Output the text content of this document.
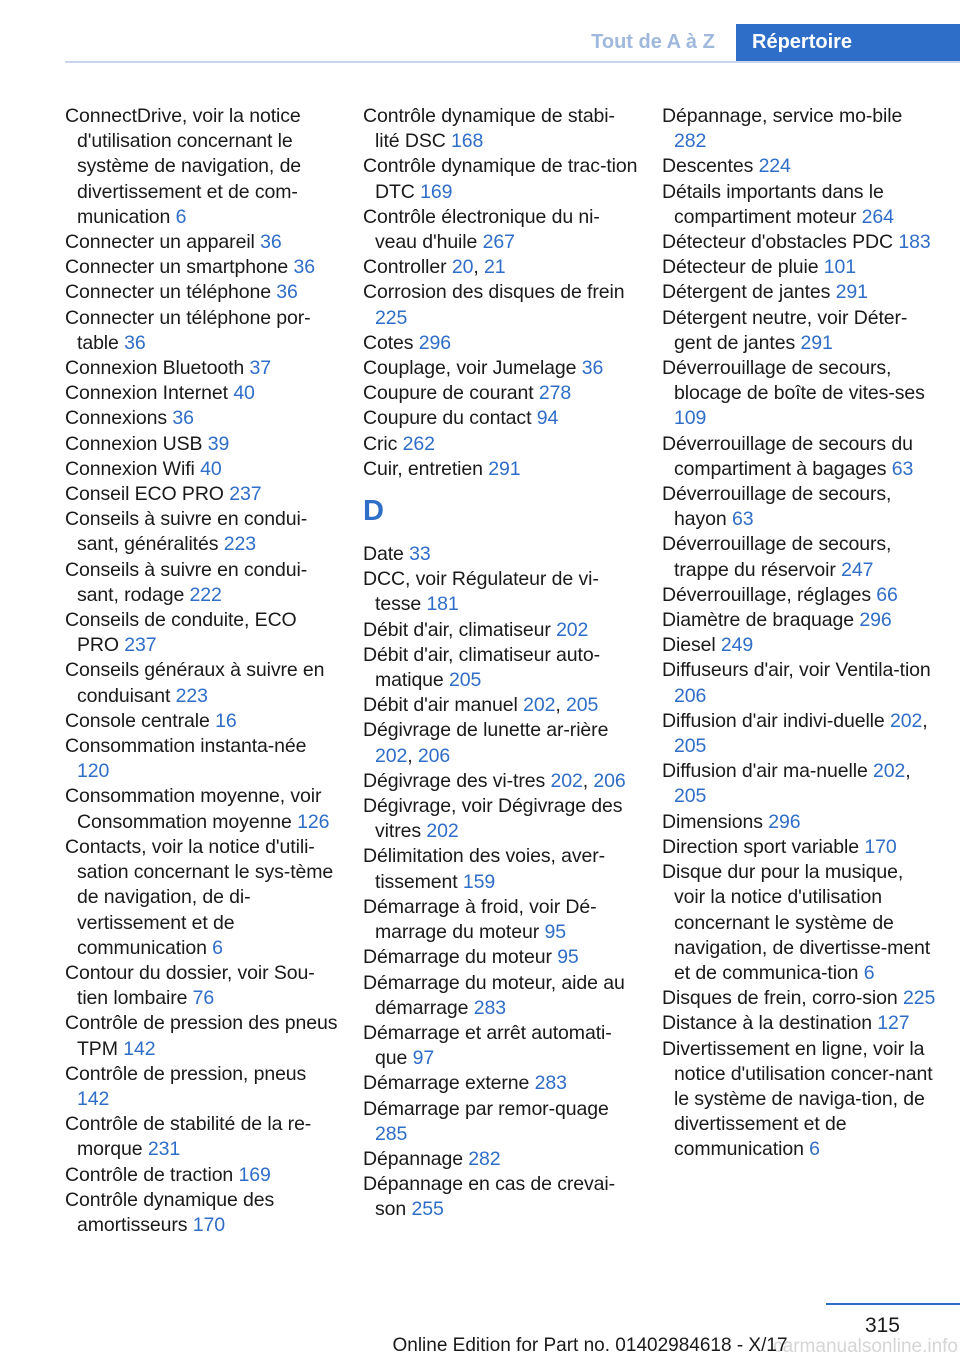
Tout de A à Z	Répertoire
ConnectDrive, voir la notice d'utilisation concernant le système de navigation, de divertissement et de com-munication 6
Connecter un appareil 36
Connecter un smartphone 36
Connecter un téléphone 36
Connecter un téléphone por-table 36
Connexion Bluetooth 37
Connexion Internet 40
Connexions 36
Connexion USB 39
Connexion Wifi 40
Conseil ECO PRO 237
Conseils à suivre en condui-sant, généralités 223
Conseils à suivre en condui-sant, rodage 222
Conseils de conduite, ECO PRO 237
Conseils généraux à suivre en conduisant 223
Console centrale 16
Consommation instanta-née 120
Consommation moyenne, voir Consommation moyenne 126
Contacts, voir la notice d'utili-sation concernant le sys-tème de navigation, de di-vertissement et de communication 6
Contour du dossier, voir Sou-tien lombaire 76
Contrôle de pression des pneus TPM 142
Contrôle de pression, pneus 142
Contrôle de stabilité de la re-morque 231
Contrôle de traction 169
Contrôle dynamique des amortisseurs 170
Contrôle dynamique de stabi-lité DSC 168
Contrôle dynamique de trac-tion DTC 169
Contrôle électronique du ni-veau d'huile 267
Controller 20, 21
Corrosion des disques de frein 225
Cotes 296
Couplage, voir Jumelage 36
Coupure de courant 278
Coupure du contact 94
Cric 262
Cuir, entretien 291
D
Date 33
DCC, voir Régulateur de vi-tesse 181
Débit d'air, climatiseur 202
Débit d'air, climatiseur auto-matique 205
Débit d'air manuel 202, 205
Dégivrage de lunette ar-rière 202, 206
Dégivrage des vi-tres 202, 206
Dégivrage, voir Dégivrage des vitres 202
Délimitation des voies, aver-tissement 159
Démarrage à froid, voir Dé-marrage du moteur 95
Démarrage du moteur 95
Démarrage du moteur, aide au démarrage 283
Démarrage et arrêt automati-que 97
Démarrage externe 283
Démarrage par remor-quage 285
Dépannage 282
Dépannage en cas de crevai-son 255
Dépannage, service mo-bile 282
Descentes 224
Détails importants dans le compartiment moteur 264
Détecteur d'obstacles PDC 183
Détecteur de pluie 101
Détergent de jantes 291
Détergent neutre, voir Déter-gent de jantes 291
Déverrouillage de secours, blocage de boîte de vites-ses 109
Déverrouillage de secours du compartiment à bagages 63
Déverrouillage de secours, hayon 63
Déverrouillage de secours, trappe du réservoir 247
Déverrouillage, réglages 66
Diamètre de braquage 296
Diesel 249
Diffuseurs d'air, voir Ventila-tion 206
Diffusion d'air indivi-duelle 202, 205
Diffusion d'air ma-nuelle 202, 205
Dimensions 296
Direction sport variable 170
Disque dur pour la musique, voir la notice d'utilisation concernant le système de navigation, de divertisse-ment et de communica-tion 6
Disques de frein, corro-sion 225
Distance à la destination 127
Divertissement en ligne, voir la notice d'utilisation concer-nant le système de naviga-tion, de divertissement et de communication 6
315
carmanualsonline.info
Online Edition for Part no. 01402984618 - X/17
